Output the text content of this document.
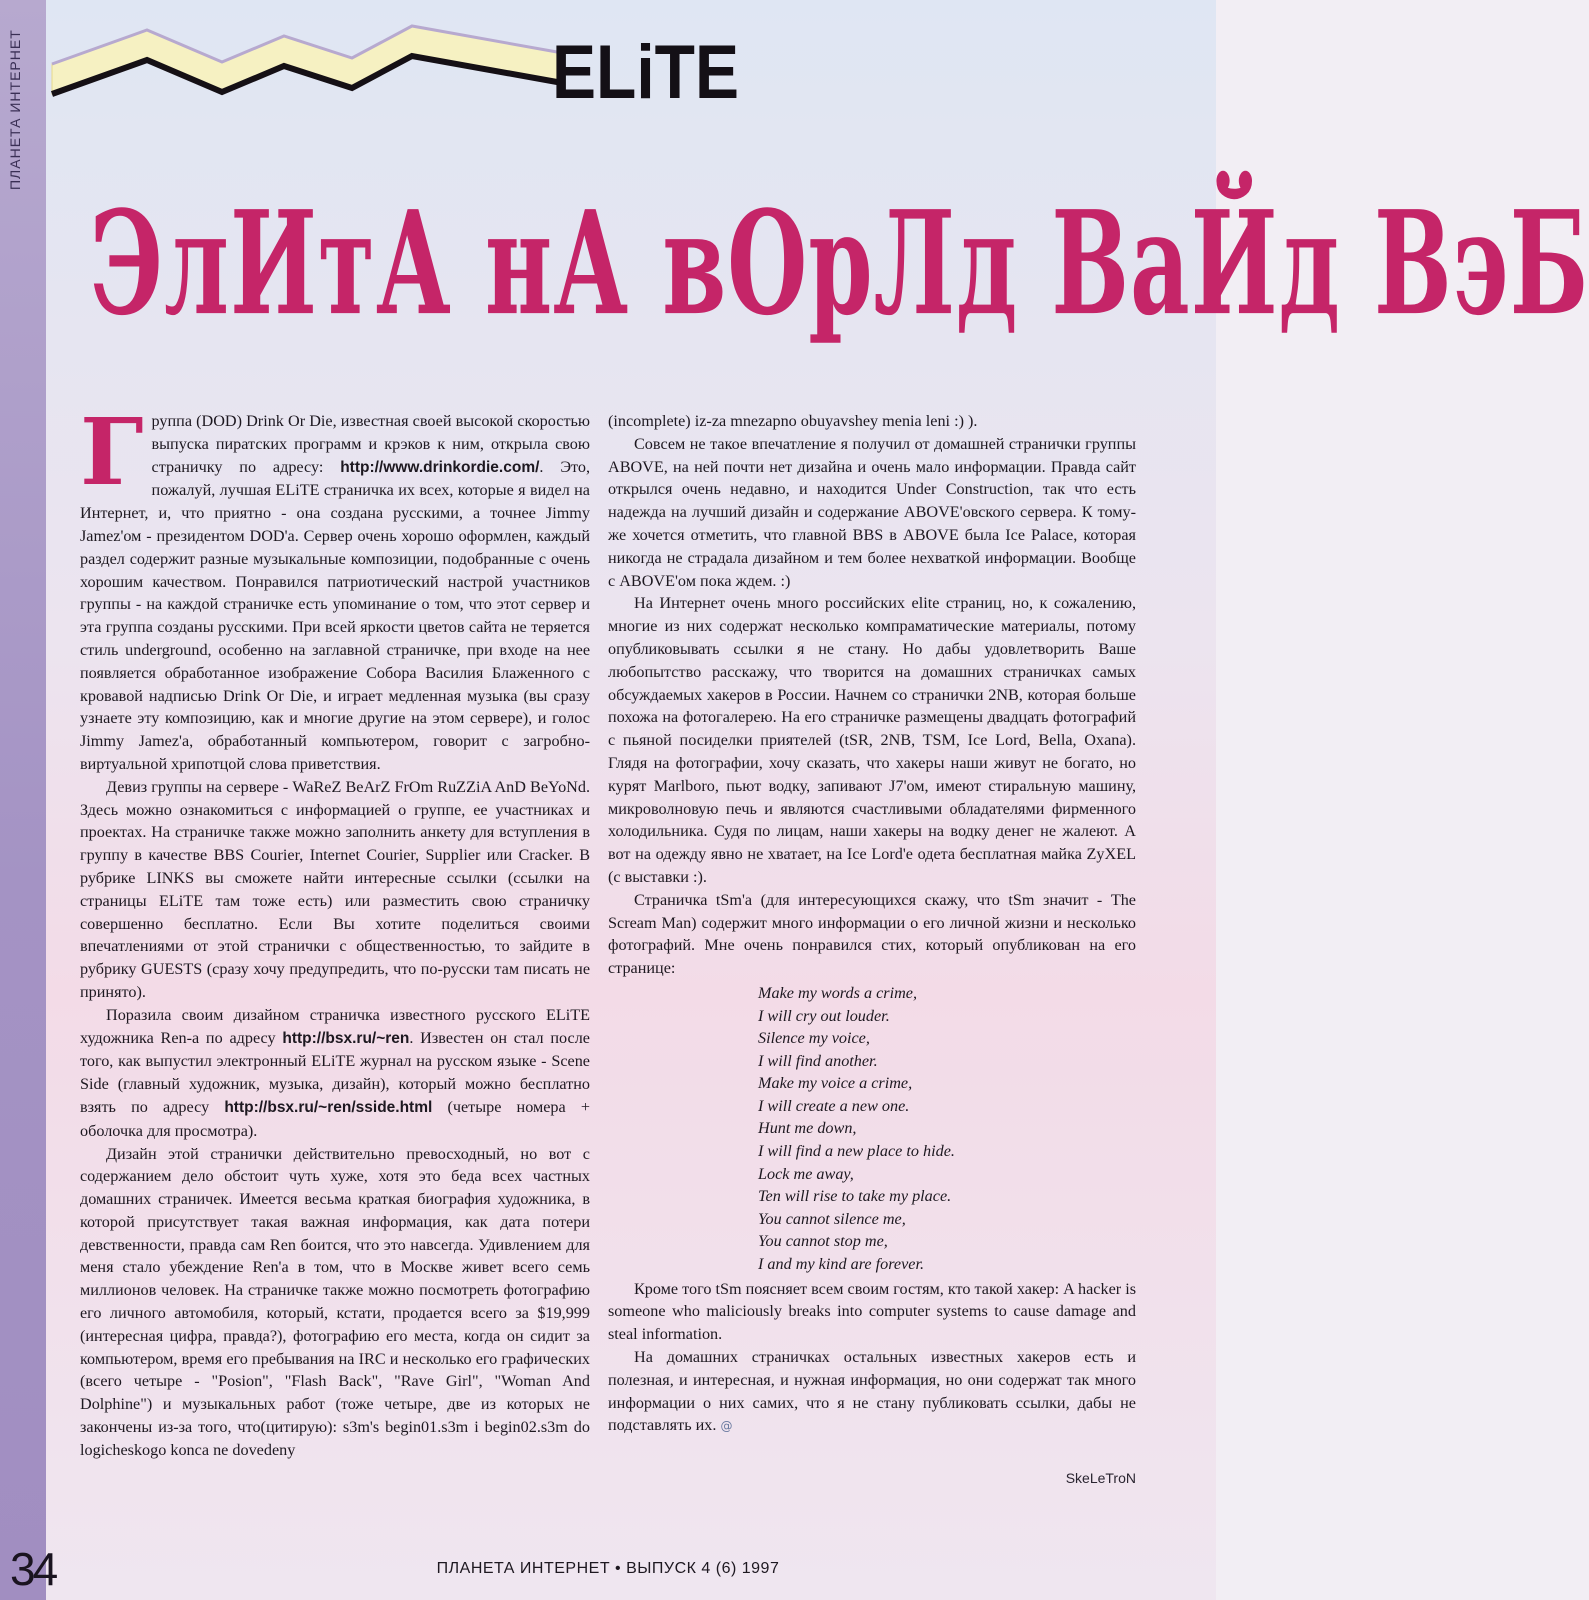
ПЛАНЕТА ИНТЕРНЕТ	ELiTE
ЭлИтА нА вОрЛд ВаЙд ВэБ

Группа (DOD) Drink Or Die, известная своей высокой скоростью выпуска пиратских программ и крэков к ним, открыла свою страничку по адресу: http://www.drinkordie.com/. Это, пожалуй, лучшая ELiTE страничка их всех, которые я видел на Интернет, и, что приятно - она создана русскими, а точнее Jimmy Jamez'ом - президентом DOD'а. Сервер очень хорошо оформлен, каждый раздел содержит разные музыкальные композиции, подобранные с очень хорошим качеством. Понравился патриотический настрой участников группы - на каждой страничке есть упоминание о том, что этот сервер и эта группа созданы русскими. При всей яркости цветов сайта не теряется стиль underground, особенно на заглавной страничке, при входе на нее появляется обработанное изображение Собора Василия Блаженного с кровавой надписью Drink Or Die, и играет медленная музыка (вы сразу узнаете эту композицию, как и многие другие на этом сервере), и голос Jimmy Jamez'а, обработанный компьютером, говорит с загробно-виртуальной хрипотцой слова приветствия.

Девиз группы на сервере - WaReZ BeArZ FrOm RuZZiA AnD BeYoNd. Здесь можно ознакомиться с информацией о группе, ее участниках и проектах. На страничке также можно заполнить анкету для вступления в группу в качестве BBS Courier, Internet Courier, Supplier или Cracker. В рубрике LINKS вы сможете найти интересные ссылки (ссылки на страницы ELiTE там тоже есть) или разместить свою страничку совершенно бесплатно. Если Вы хотите поделиться своими впечатлениями от этой странички с общественностью, то зайдите в рубрику GUESTS (сразу хочу предупредить, что по-русски там писать не принято).

Поразила своим дизайном страничка известного русского ELiTE художника Ren-а по адресу http://bsx.ru/~ren. Известен он стал после того, как выпустил электронный ELiTE журнал на русском языке - Scene Side (главный художник, музыка, дизайн), который можно бесплатно взять по адресу http://bsx.ru/~ren/sside.html (четыре номера + оболочка для просмотра).

Дизайн этой странички действительно превосходный, но вот с содержанием дело обстоит чуть хуже, хотя это беда всех частных домашних страничек. Имеется весьма краткая биография художника, в которой присутствует такая важная информация, как дата потери девственности, правда сам Ren боится, что это навсегда. Удивлением для меня стало убеждение Ren'а в том, что в Москве живет всего семь миллионов человек. На страничке также можно посмотреть фотографию его личного автомобиля, который, кстати, продается всего за $19,999 (интересная цифра, правда?), фотографию его места, когда он сидит за компьютером, время его пребывания на IRC и несколько его графических (всего четыре - "Posion", "Flash Back", "Rave Girl", "Woman And Dolphine") и музыкальных работ (тоже четыре, две из которых не закончены из-за того, что(цитирую): s3m's begin01.s3m i begin02.s3m do logicheskogo konca ne dovedeny

(incomplete) iz-za mnezapno obuyavshey menia leni :) ).

Совсем не такое впечатление я получил от домашней странички группы ABOVE, на ней почти нет дизайна и очень мало информации. Правда сайт открылся очень недавно, и находится Under Construction, так что есть надежда на лучший дизайн и содержание ABOVE'овского сервера. К тому-же хочется отметить, что главной BBS в ABOVE была Ice Palace, которая никогда не страдала дизайном и тем более нехваткой информации. Вообще с ABOVE'ом пока ждем. :)

На Интернет очень много российских elite страниц, но, к сожалению, многие из них содержат несколько компраматические материалы, потому опубликовывать ссылки я не стану. Но дабы удовлетворить Ваше любопытство расскажу, что творится на домашних страничках самых обсуждаемых хакеров в России. Начнем со странички 2NB, которая больше похожа на фотогалерею. На его страничке размещены двадцать фотографий с пьяной посиделки приятелей (tSR, 2NB, TSM, Ice Lord, Bella, Oxana). Глядя на фотографии, хочу сказать, что хакеры наши живут не богато, но курят Marlboro, пьют водку, запивают J7'ом, имеют стиральную машину, микроволновую печь и являются счастливыми обладателями фирменного холодильника. Судя по лицам, наши хакеры на водку денег не жалеют. А вот на одежду явно не хватает, на Ice Lord'е одета бесплатная майка ZyXEL (с выставки :).

Страничка tSm'а (для интересующихся скажу, что tSm значит - The Scream Man) содержит много информации о его личной жизни и несколько фотографий. Мне очень понравился стих, который опубликован на его странице:

Make my words a crime,
I will cry out louder.
Silence my voice,
I will find another.
Make my voice a crime,
I will create a new one.
Hunt me down,
I will find a new place to hide.
Lock me away,
Ten will rise to take my place.
You cannot silence me,
You cannot stop me,
I and my kind are forever.

Кроме того tSm поясняет всем своим гостям, кто такой хакер: A hacker is someone who maliciously breaks into computer systems to cause damage and steal information.

На домашних страничках остальных известных хакеров есть и полезная, и интересная, и нужная информация, но они содержат так много информации о них самих, что я не стану публиковать ссылки, дабы не подставлять их. @

SkeLeTroN
34	ПЛАНЕТА ИНТЕРНЕТ • ВЫПУСК 4 (6) 1997
